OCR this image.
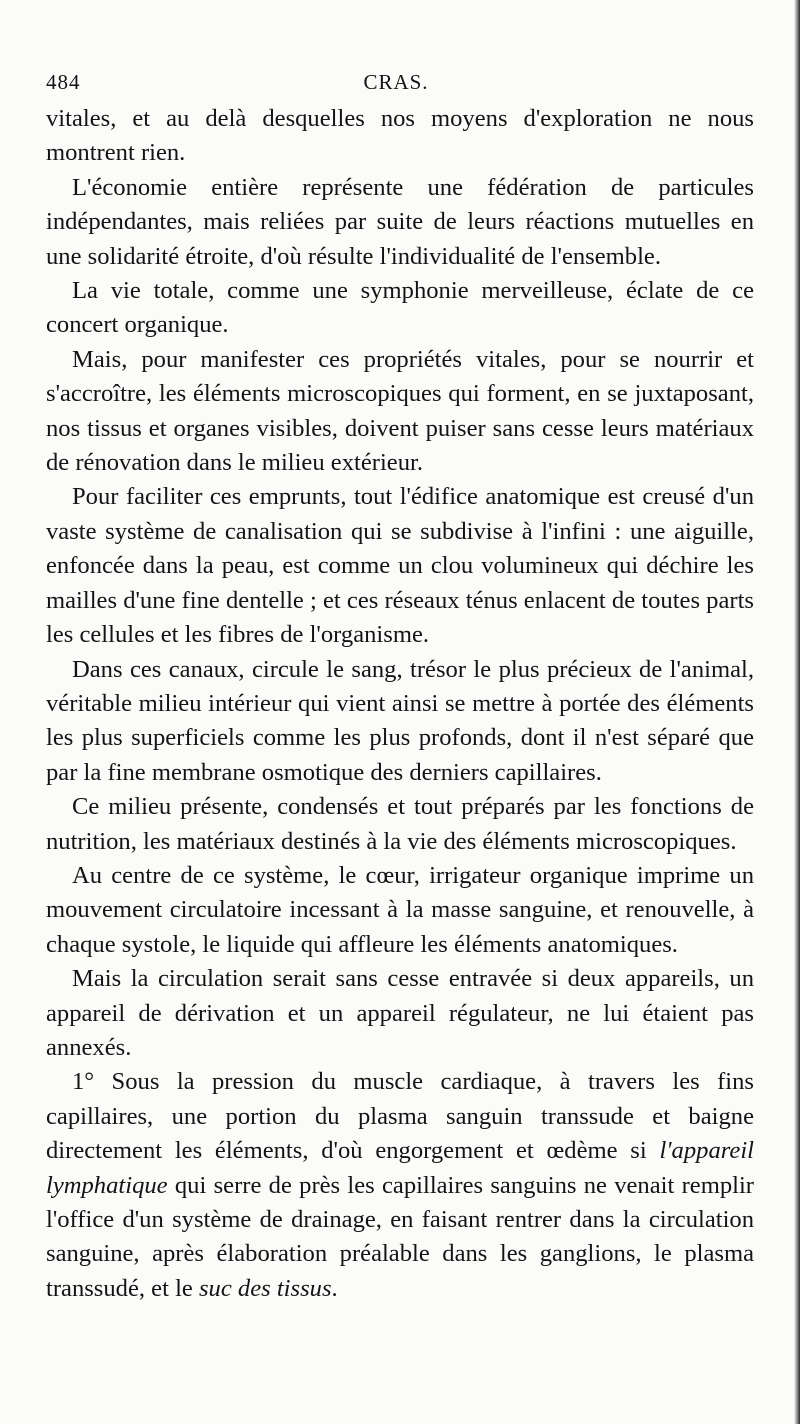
484	CRAS.

vitales, et au delà desquelles nos moyens d'exploration ne nous montrent rien.

L'économie entière représente une fédération de particules indépendantes, mais reliées par suite de leurs réactions mutuelles en une solidarité étroite, d'où résulte l'individualité de l'ensemble.

La vie totale, comme une symphonie merveilleuse, éclate de ce concert organique.

Mais, pour manifester ces propriétés vitales, pour se nourrir et s'accroître, les éléments microscopiques qui forment, en se juxtaposant, nos tissus et organes visibles, doivent puiser sans cesse leurs matériaux de rénovation dans le milieu extérieur.

Pour faciliter ces emprunts, tout l'édifice anatomique est creusé d'un vaste système de canalisation qui se subdivise à l'infini : une aiguille, enfoncée dans la peau, est comme un clou volumineux qui déchire les mailles d'une fine dentelle ; et ces réseaux ténus enlacent de toutes parts les cellules et les fibres de l'organisme.

Dans ces canaux, circule le sang, trésor le plus précieux de l'animal, véritable milieu intérieur qui vient ainsi se mettre à portée des éléments les plus superficiels comme les plus profonds, dont il n'est séparé que par la fine membrane osmotique des derniers capillaires.

Ce milieu présente, condensés et tout préparés par les fonctions de nutrition, les matériaux destinés à la vie des éléments microscopiques.

Au centre de ce système, le cœur, irrigateur organique imprime un mouvement circulatoire incessant à la masse sanguine, et renouvelle, à chaque systole, le liquide qui affleure les éléments anatomiques.

Mais la circulation serait sans cesse entravée si deux appareils, un appareil de dérivation et un appareil régulateur, ne lui étaient pas annexés.

1° Sous la pression du muscle cardiaque, à travers les fins capillaires, une portion du plasma sanguin transsude et baigne directement les éléments, d'où engorgement et œdème si l'appareil lymphatique qui serre de près les capillaires sanguins ne venait remplir l'office d'un système de drainage, en faisant rentrer dans la circulation sanguine, après élaboration préalable dans les ganglions, le plasma transsudé, et le suc des tissus.
